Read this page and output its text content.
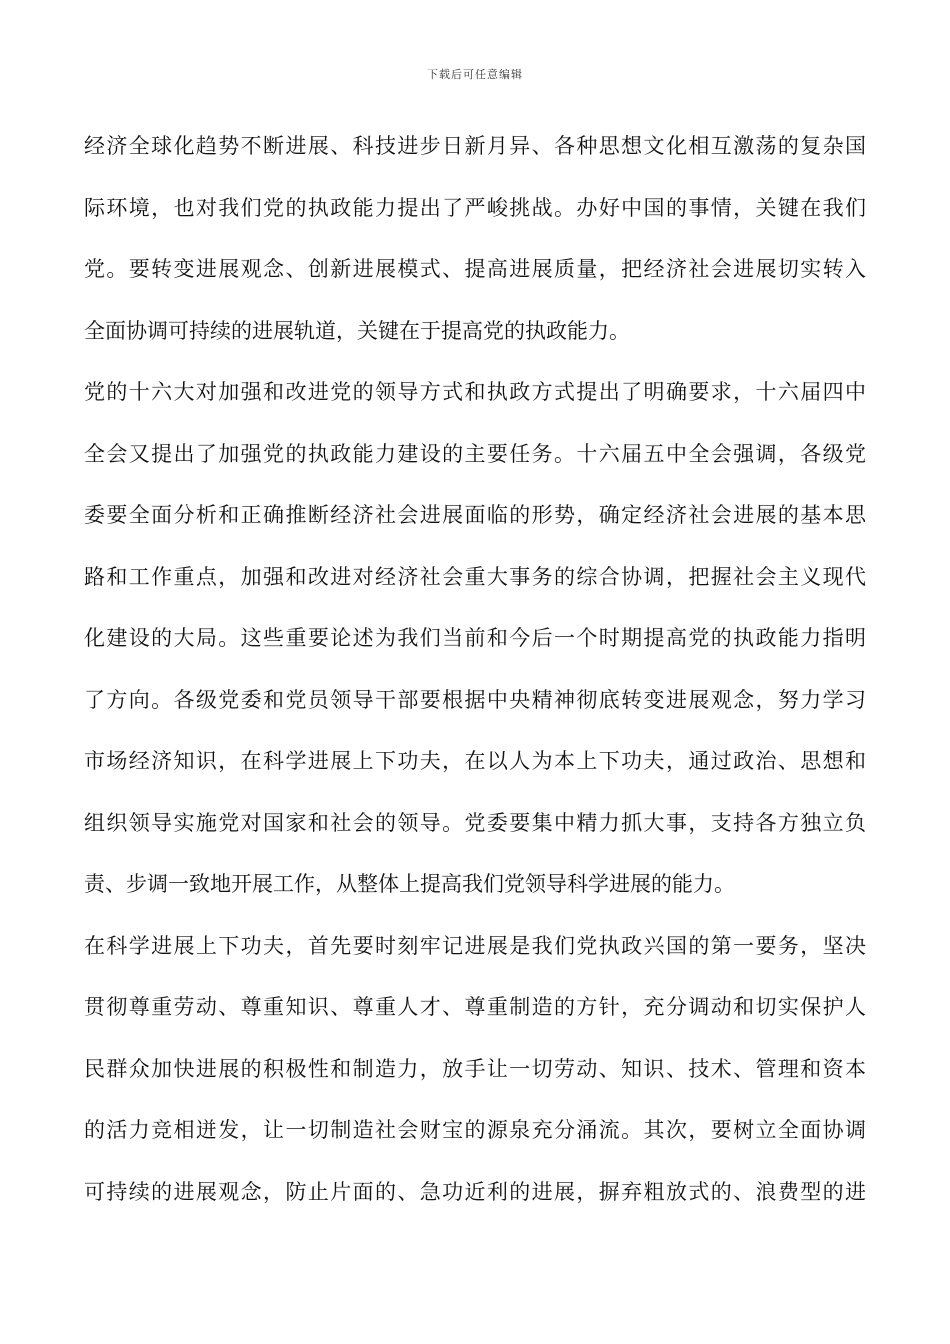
下载后可任意编辑
经济全球化趋势不断进展、科技进步日新月异、各种思想文化相互激荡的复杂国
际环境，也对我们党的执政能力提出了严峻挑战。办好中国的事情，关键在我们
党。要转变进展观念、创新进展模式、提高进展质量，把经济社会进展切实转入
全面协调可持续的进展轨道，关键在于提高党的执政能力。
党的十六大对加强和改进党的领导方式和执政方式提出了明确要求，十六届四中
全会又提出了加强党的执政能力建设的主要任务。十六届五中全会强调，各级党
委要全面分析和正确推断经济社会进展面临的形势，确定经济社会进展的基本思
路和工作重点，加强和改进对经济社会重大事务的综合协调，把握社会主义现代
化建设的大局。这些重要论述为我们当前和今后一个时期提高党的执政能力指明
了方向。各级党委和党员领导干部要根据中央精神彻底转变进展观念，努力学习
市场经济知识，在科学进展上下功夫，在以人为本上下功夫，通过政治、思想和
组织领导实施党对国家和社会的领导。党委要集中精力抓大事，支持各方独立负
责、步调一致地开展工作，从整体上提高我们党领导科学进展的能力。
在科学进展上下功夫，首先要时刻牢记进展是我们党执政兴国的第一要务，坚决
贯彻尊重劳动、尊重知识、尊重人才、尊重制造的方针，充分调动和切实保护人
民群众加快进展的积极性和制造力，放手让一切劳动、知识、技术、管理和资本
的活力竞相迸发，让一切制造社会财宝的源泉充分涌流。其次，要树立全面协调
可持续的进展观念，防止片面的、急功近利的进展，摒弃粗放式的、浪费型的进
